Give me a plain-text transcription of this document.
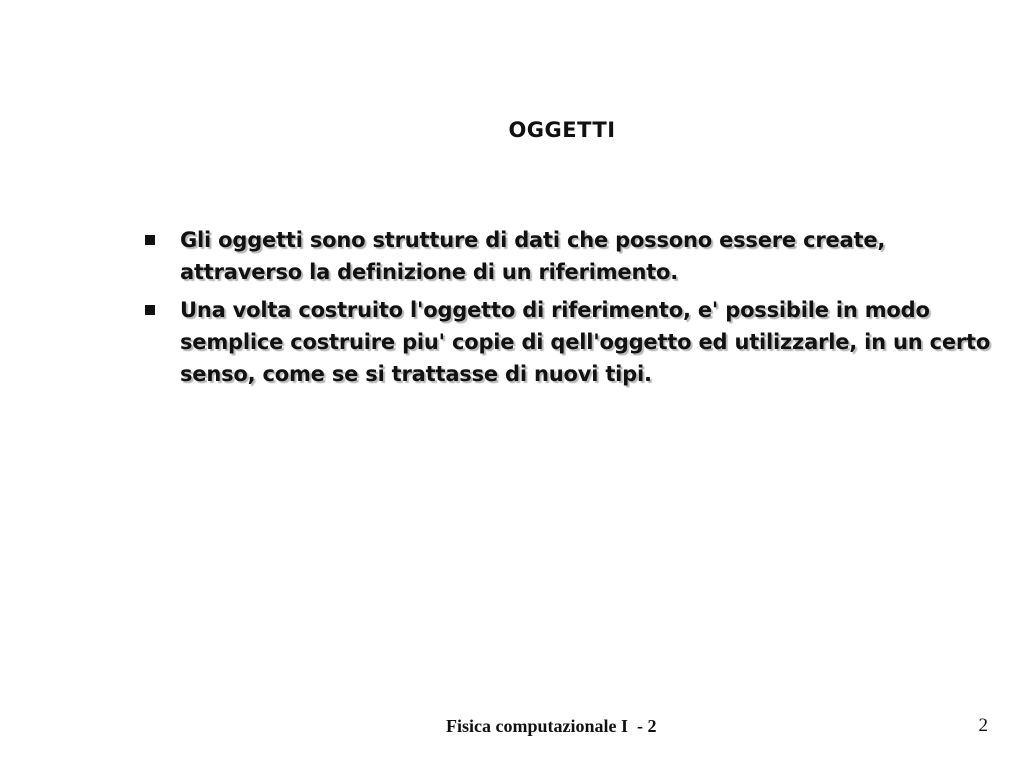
OGGETTI
Gli oggetti sono strutture di dati che possono essere create, attraverso la definizione di un riferimento.
Una volta costruito l'oggetto di riferimento, e' possibile in modo semplice costruire piu' copie di qell'oggetto ed utilizzarle, in un certo senso, come se si trattasse di nuovi tipi.
Fisica computazionale I  - 2	2
